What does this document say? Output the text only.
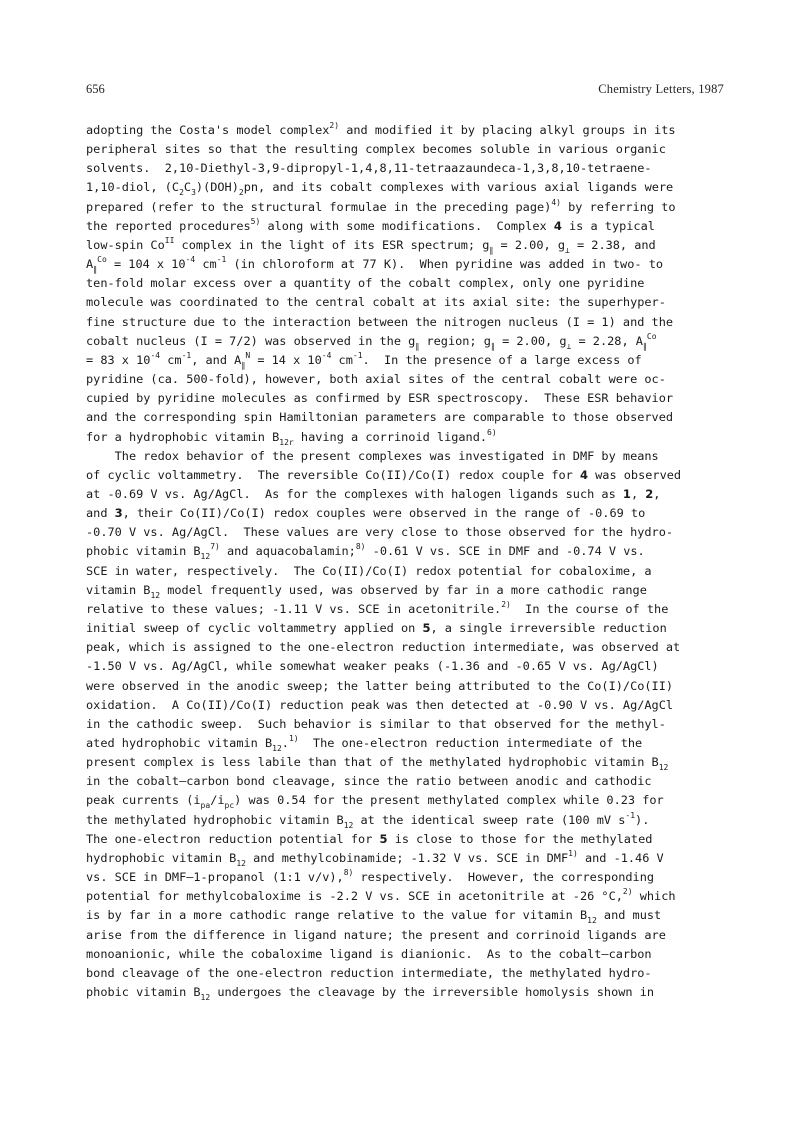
656	Chemistry Letters, 1987
adopting the Costa's model complex$^{2)}$ and modified it by placing alkyl groups in its
peripheral sites so that the resulting complex becomes soluble in various organic
solvents.  2,10-Diethyl-3,9-dipropyl-1,4,8,11-tetraazaundeca-1,3,8,10-tetraene-
1,10-diol, $(C_2C_3)(DOH)_2pn$, and its cobalt complexes with various axial ligands were
prepared (refer to the structural formulae in the preceding page)$^{4)}$ by referring to
the reported procedures$^{5)}$ along with some modifications.  Complex 4 is a typical
low-spin $Co^{II}$ complex in the light of its ESR spectrum; $g_\parallel = 2.00$, $g_\perp = 2.38$, and
$A_\parallel^{Co} = 104$ x $10^{-4}$ $cm^{-1}$ (in chloroform at 77 K).  When pyridine was added in two- to
ten-fold molar excess over a quantity of the cobalt complex, only one pyridine
molecule was coordinated to the central cobalt at its axial site: the superhyper-
fine structure due to the interaction between the nitrogen nucleus (I = 1) and the
cobalt nucleus (I = 7/2) was observed in the $g_\parallel$ region; $g_\parallel = 2.00$, $g_\perp = 2.28$, $A_\parallel^{Co}$
= 83 x $10^{-4}$ $cm^{-1}$, and $A_\parallel^N = 14$ x $10^{-4}$ $cm^{-1}$.  In the presence of a large excess of
pyridine (ca. 500-fold), however, both axial sites of the central cobalt were oc-
cupied by pyridine molecules as confirmed by ESR spectroscopy.  These ESR behavior
and the corresponding spin Hamiltonian parameters are comparable to those observed
for a hydrophobic vitamin $B_{12r}$ having a corrinoid ligand.$^{6)}$
The redox behavior of the present complexes was investigated in DMF by means
of cyclic voltammetry.  The reversible Co(II)/Co(I) redox couple for 4 was observed
at -0.69 V vs. Ag/AgCl.  As for the complexes with halogen ligands such as 1, 2,
and 3, their Co(II)/Co(I) redox couples were observed in the range of -0.69 to
-0.70 V vs. Ag/AgCl.  These values are very close to those observed for the hydro-
phobic vitamin $B_{12}^{7)}$ and aquacobalamin;$^{8)}$ -0.61 V vs. SCE in DMF and -0.74 V vs.
SCE in water, respectively.  The Co(II)/Co(I) redox potential for cobaloxime, a
vitamin $B_{12}$ model frequently used, was observed by far in a more cathodic range
relative to these values; -1.11 V vs. SCE in acetonitrile.$^{2)}$  In the course of the
initial sweep of cyclic voltammetry applied on 5, a single irreversible reduction
peak, which is assigned to the one-electron reduction intermediate, was observed at
-1.50 V vs. Ag/AgCl, while somewhat weaker peaks (-1.36 and -0.65 V vs. Ag/AgCl)
were observed in the anodic sweep; the latter being attributed to the Co(I)/Co(II)
oxidation.  A Co(II)/Co(I) reduction peak was then detected at -0.90 V vs. Ag/AgCl
in the cathodic sweep.  Such behavior is similar to that observed for the methyl-
ated hydrophobic vitamin $B_{12}.^{1)}$  The one-electron reduction intermediate of the
present complex is less labile than that of the methylated hydrophobic vitamin $B_{12}$
in the cobalt—carbon bond cleavage, since the ratio between anodic and cathodic
peak currents $(i_{pa}/i_{pc})$ was 0.54 for the present methylated complex while 0.23 for
the methylated hydrophobic vitamin $B_{12}$ at the identical sweep rate (100 mV $s^{-1}$).
The one-electron reduction potential for 5 is close to those for the methylated
hydrophobic vitamin $B_{12}$ and methylcobinamide; -1.32 V vs. SCE in DMF$^{1)}$ and -1.46 V
vs. SCE in DMF—1-propanol (1:1 v/v),$^{8)}$ respectively.  However, the corresponding
potential for methylcobaloxime is -2.2 V vs. SCE in acetonitrile at -26 °C,$^{2)}$ which
is by far in a more cathodic range relative to the value for vitamin $B_{12}$ and must
arise from the difference in ligand nature; the present and corrinoid ligands are
monoanionic, while the cobaloxime ligand is dianionic.  As to the cobalt—carbon
bond cleavage of the one-electron reduction intermediate, the methylated hydro-
phobic vitamin $B_{12}$ undergoes the cleavage by the irreversible homolysis shown in
